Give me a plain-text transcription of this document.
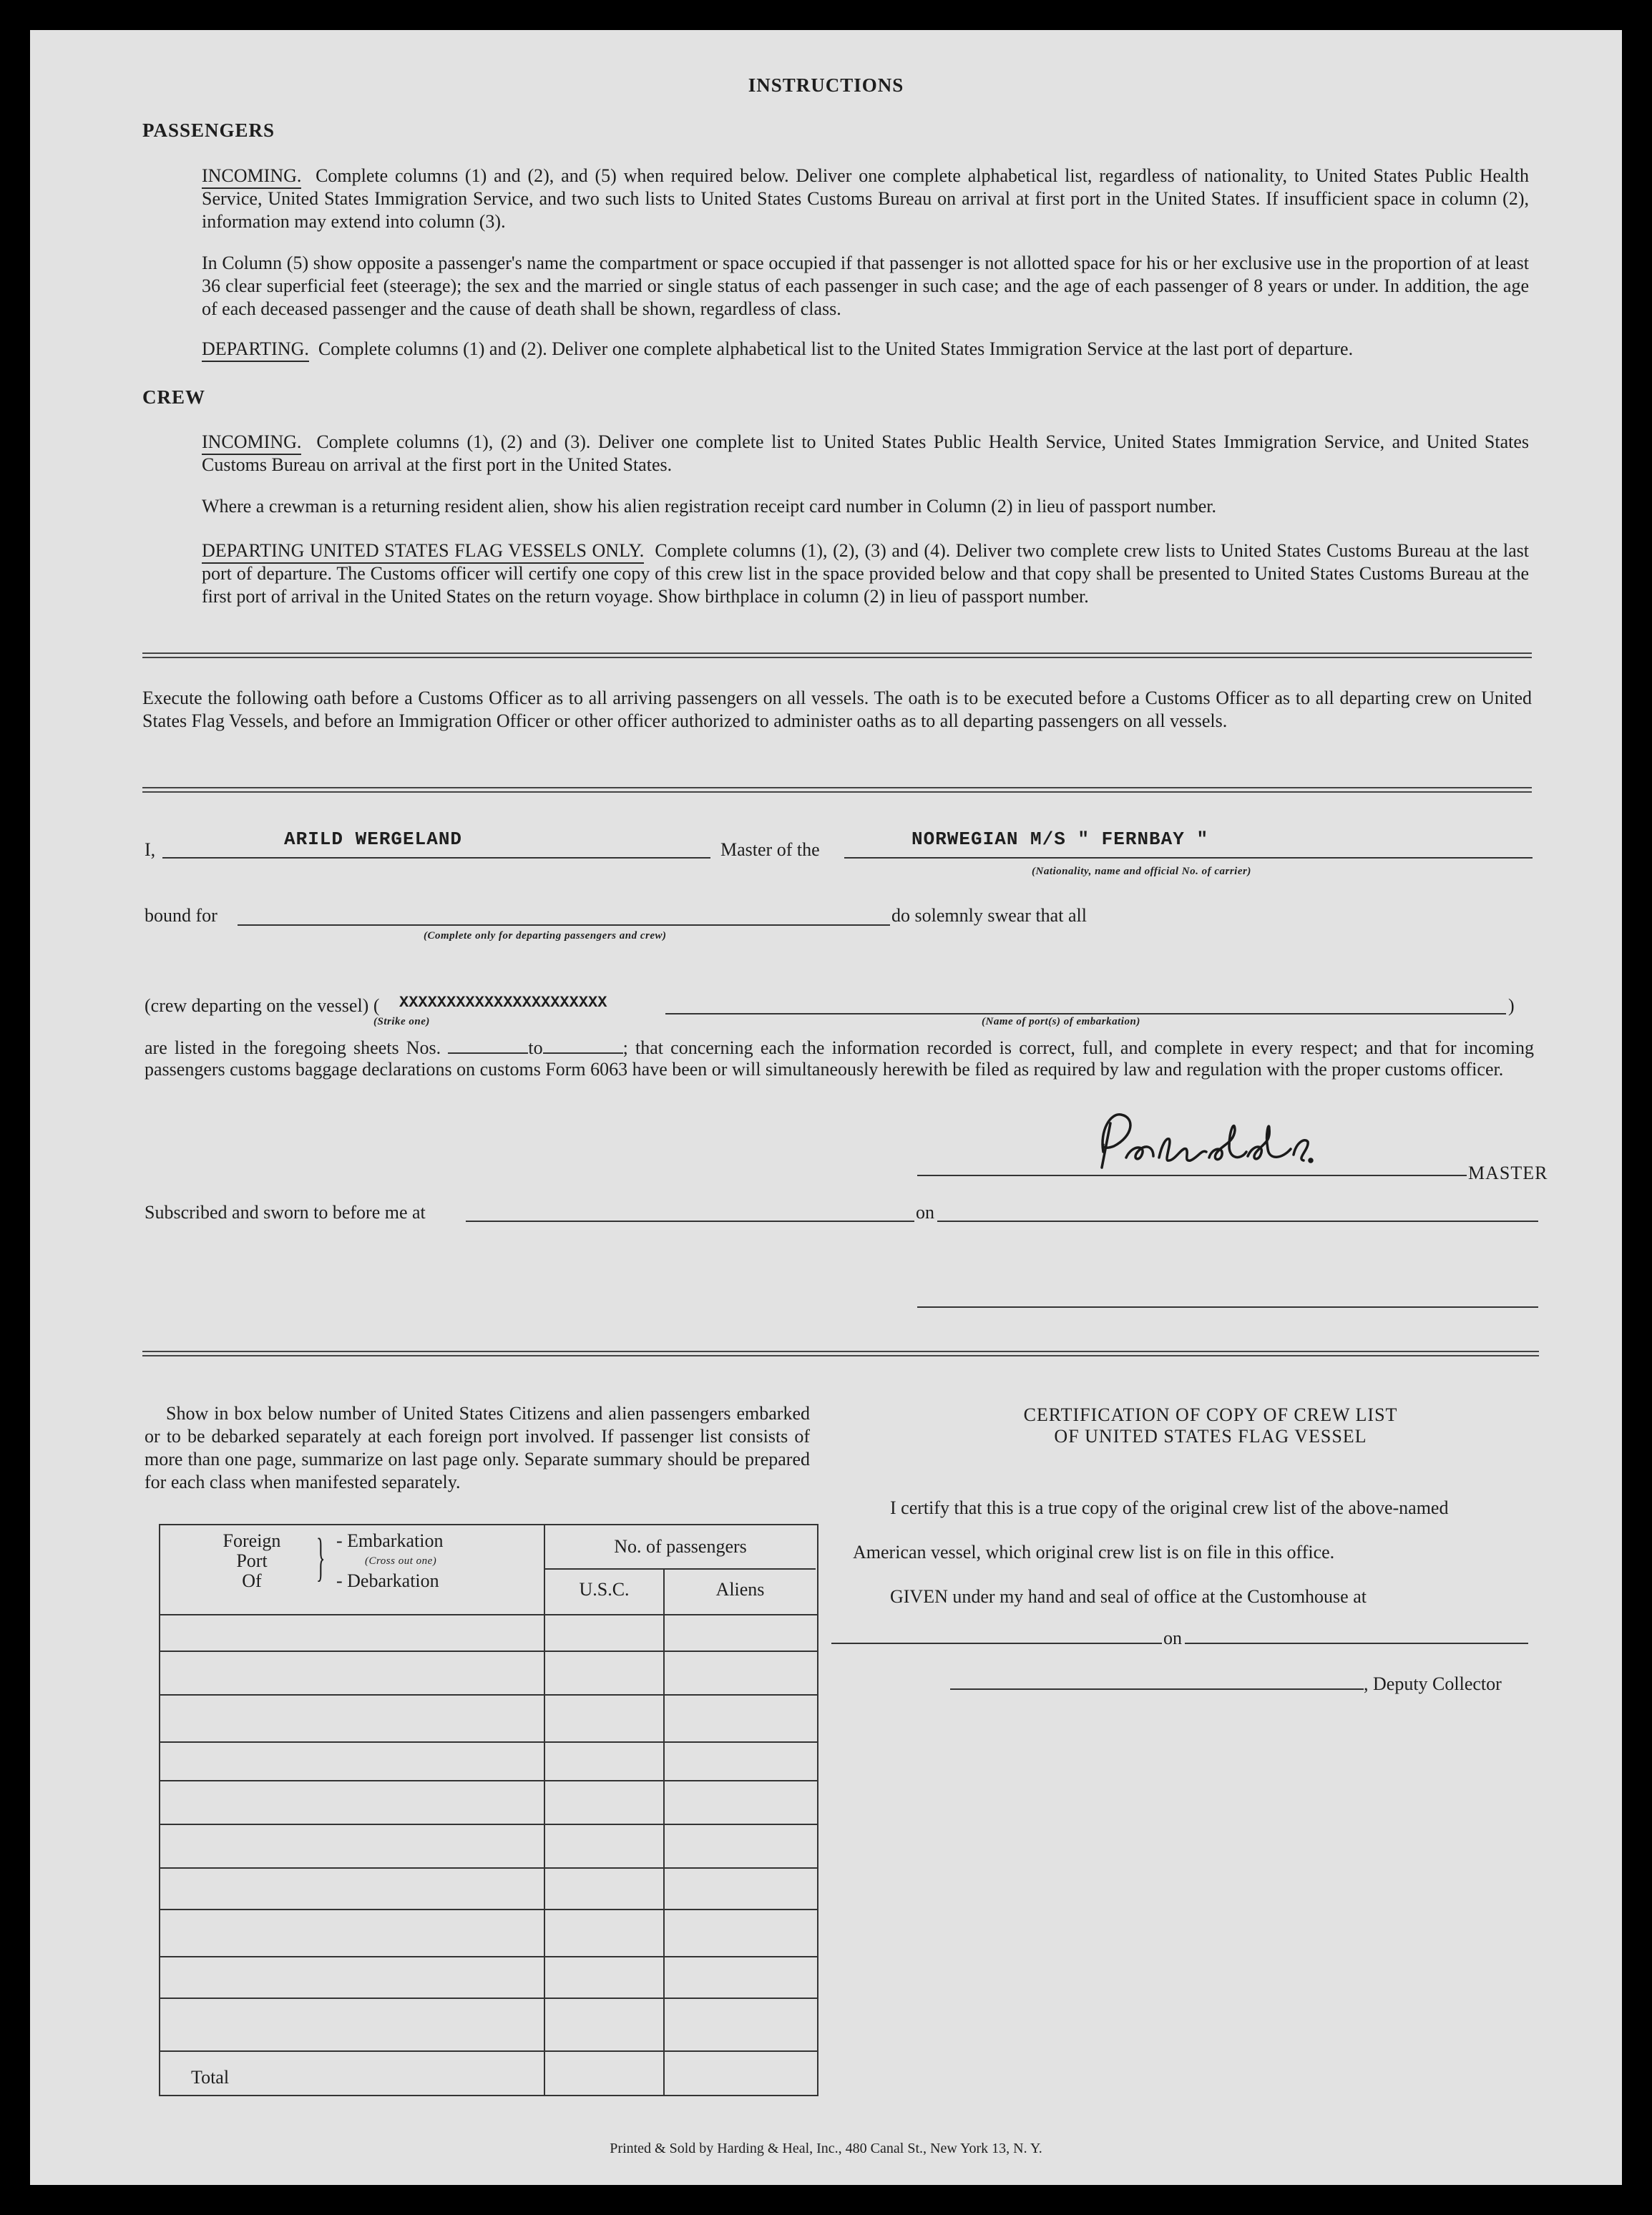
INSTRUCTIONS
PASSENGERS
INCOMING. Complete columns (1) and (2), and (5) when required below. Deliver one complete alphabetical list, regardless of nationality, to United States Public Health Service, United States Immigration Service, and two such lists to United States Customs Bureau on arrival at first port in the United States. If insufficient space in column (2), information may extend into column (3).
In Column (5) show opposite a passenger's name the compartment or space occupied if that passenger is not allotted space for his or her exclusive use in the proportion of at least 36 clear superficial feet (steerage); the sex and the married or single status of each passenger in such case; and the age of each passenger of 8 years or under. In addition, the age of each deceased passenger and the cause of death shall be shown, regardless of class.
DEPARTING. Complete columns (1) and (2). Deliver one complete alphabetical list to the United States Immigration Service at the last port of departure.
CREW
INCOMING. Complete columns (1), (2) and (3). Deliver one complete list to United States Public Health Service, United States Immigration Service, and United States Customs Bureau on arrival at the first port in the United States.
Where a crewman is a returning resident alien, show his alien registration receipt card number in Column (2) in lieu of passport number.
DEPARTING UNITED STATES FLAG VESSELS ONLY. Complete columns (1), (2), (3) and (4). Deliver two complete crew lists to United States Customs Bureau at the last port of departure. The Customs officer will certify one copy of this crew list in the space provided below and that copy shall be presented to United States Customs Bureau at the first port of arrival in the United States on the return voyage. Show birthplace in column (2) in lieu of passport number.
Execute the following oath before a Customs Officer as to all arriving passengers on all vessels. The oath is to be executed before a Customs Officer as to all departing crew on United States Flag Vessels, and before an Immigration Officer or other officer authorized to administer oaths as to all departing passengers on all vessels.
I,	ARILD WERGELAND	Master of the	NORWEGIAN M/S " FERNBAY "
(Nationality, name and official No. of carrier)
bound for
(Complete only for departing passengers and crew)
do solemnly swear that all
(crew departing on the vessel) ( XXXXXXXXXXXXXXXXXXXXXX	)
(Strike one)	(Name of port(s) of embarkation)
are listed in the foregoing sheets Nos.	to	; that concerning each the information recorded is correct, full, and complete in every respect; and that for incoming passengers customs baggage declarations on customs Form 6063 have been or will simultaneously herewith be filed as required by law and regulation with the proper customs officer.
MASTER
Subscribed and sworn to before me at	on
Show in box below number of United States Citizens and alien passengers embarked or to be debarked separately at each foreign port involved. If passenger list consists of more than one page, summarize on last page only. Separate summary should be prepared for each class when manifested separately.
Foreign
Port
Of	} - Embarkation
(Cross out one)
- Debarkation
No. of passengers
U.S.C.	Aliens
Total
CERTIFICATION OF COPY OF CREW LIST
OF UNITED STATES FLAG VESSEL
I certify that this is a true copy of the original crew list of the above-named
American vessel, which original crew list is on file in this office.
GIVEN under my hand and seal of office at the Customhouse at
on
, Deputy Collector
Printed & Sold by Harding & Heal, Inc., 480 Canal St., New York 13, N. Y.
